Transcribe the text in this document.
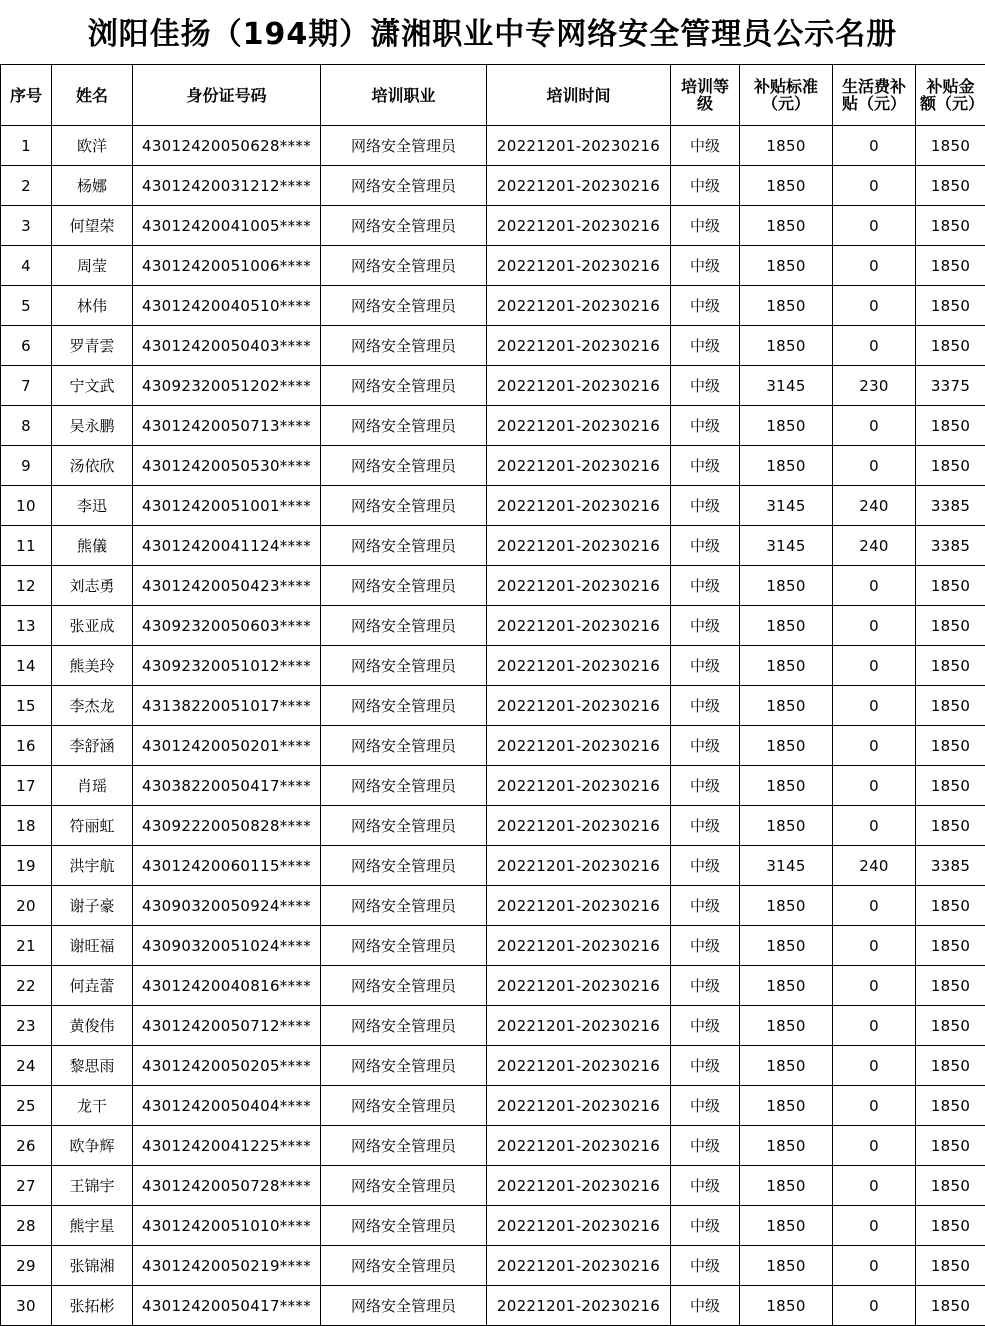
浏阳佳扬（194期）潇湘职业中专网络安全管理员公示名册
序号	姓名	身份证号码	培训职业	培训时间	培训等级	补贴标准（元）	生活费补贴（元）	补贴金额（元）
1	欧洋	43012420050628****	网络安全管理员	20221201-20230216	中级	1850	0	1850
2	杨娜	43012420031212****	网络安全管理员	20221201-20230216	中级	1850	0	1850
3	何望荣	43012420041005****	网络安全管理员	20221201-20230216	中级	1850	0	1850
4	周莹	43012420051006****	网络安全管理员	20221201-20230216	中级	1850	0	1850
5	林伟	43012420040510****	网络安全管理员	20221201-20230216	中级	1850	0	1850
6	罗青雲	43012420050403****	网络安全管理员	20221201-20230216	中级	1850	0	1850
7	宁文武	43092320051202****	网络安全管理员	20221201-20230216	中级	3145	230	3375
8	吴永鹏	43012420050713****	网络安全管理员	20221201-20230216	中级	1850	0	1850
9	汤依欣	43012420050530****	网络安全管理员	20221201-20230216	中级	1850	0	1850
10	李迅	43012420051001****	网络安全管理员	20221201-20230216	中级	3145	240	3385
11	熊儀	43012420041124****	网络安全管理员	20221201-20230216	中级	3145	240	3385
12	刘志勇	43012420050423****	网络安全管理员	20221201-20230216	中级	1850	0	1850
13	张亚成	43092320050603****	网络安全管理员	20221201-20230216	中级	1850	0	1850
14	熊美玲	43092320051012****	网络安全管理员	20221201-20230216	中级	1850	0	1850
15	李杰龙	43138220051017****	网络安全管理员	20221201-20230216	中级	1850	0	1850
16	李舒涵	43012420050201****	网络安全管理员	20221201-20230216	中级	1850	0	1850
17	肖瑶	43038220050417****	网络安全管理员	20221201-20230216	中级	1850	0	1850
18	符丽虹	43092220050828****	网络安全管理员	20221201-20230216	中级	1850	0	1850
19	洪宇航	43012420060115****	网络安全管理员	20221201-20230216	中级	3145	240	3385
20	谢子豪	43090320050924****	网络安全管理员	20221201-20230216	中级	1850	0	1850
21	谢旺福	43090320051024****	网络安全管理员	20221201-20230216	中级	1850	0	1850
22	何垚蕾	43012420040816****	网络安全管理员	20221201-20230216	中级	1850	0	1850
23	黄俊伟	43012420050712****	网络安全管理员	20221201-20230216	中级	1850	0	1850
24	黎思雨	43012420050205****	网络安全管理员	20221201-20230216	中级	1850	0	1850
25	龙干	43012420050404****	网络安全管理员	20221201-20230216	中级	1850	0	1850
26	欧争辉	43012420041225****	网络安全管理员	20221201-20230216	中级	1850	0	1850
27	王锦宇	43012420050728****	网络安全管理员	20221201-20230216	中级	1850	0	1850
28	熊宇星	43012420051010****	网络安全管理员	20221201-20230216	中级	1850	0	1850
29	张锦湘	43012420050219****	网络安全管理员	20221201-20230216	中级	1850	0	1850
30	张拓彬	43012420050417****	网络安全管理员	20221201-20230216	中级	1850	0	1850
